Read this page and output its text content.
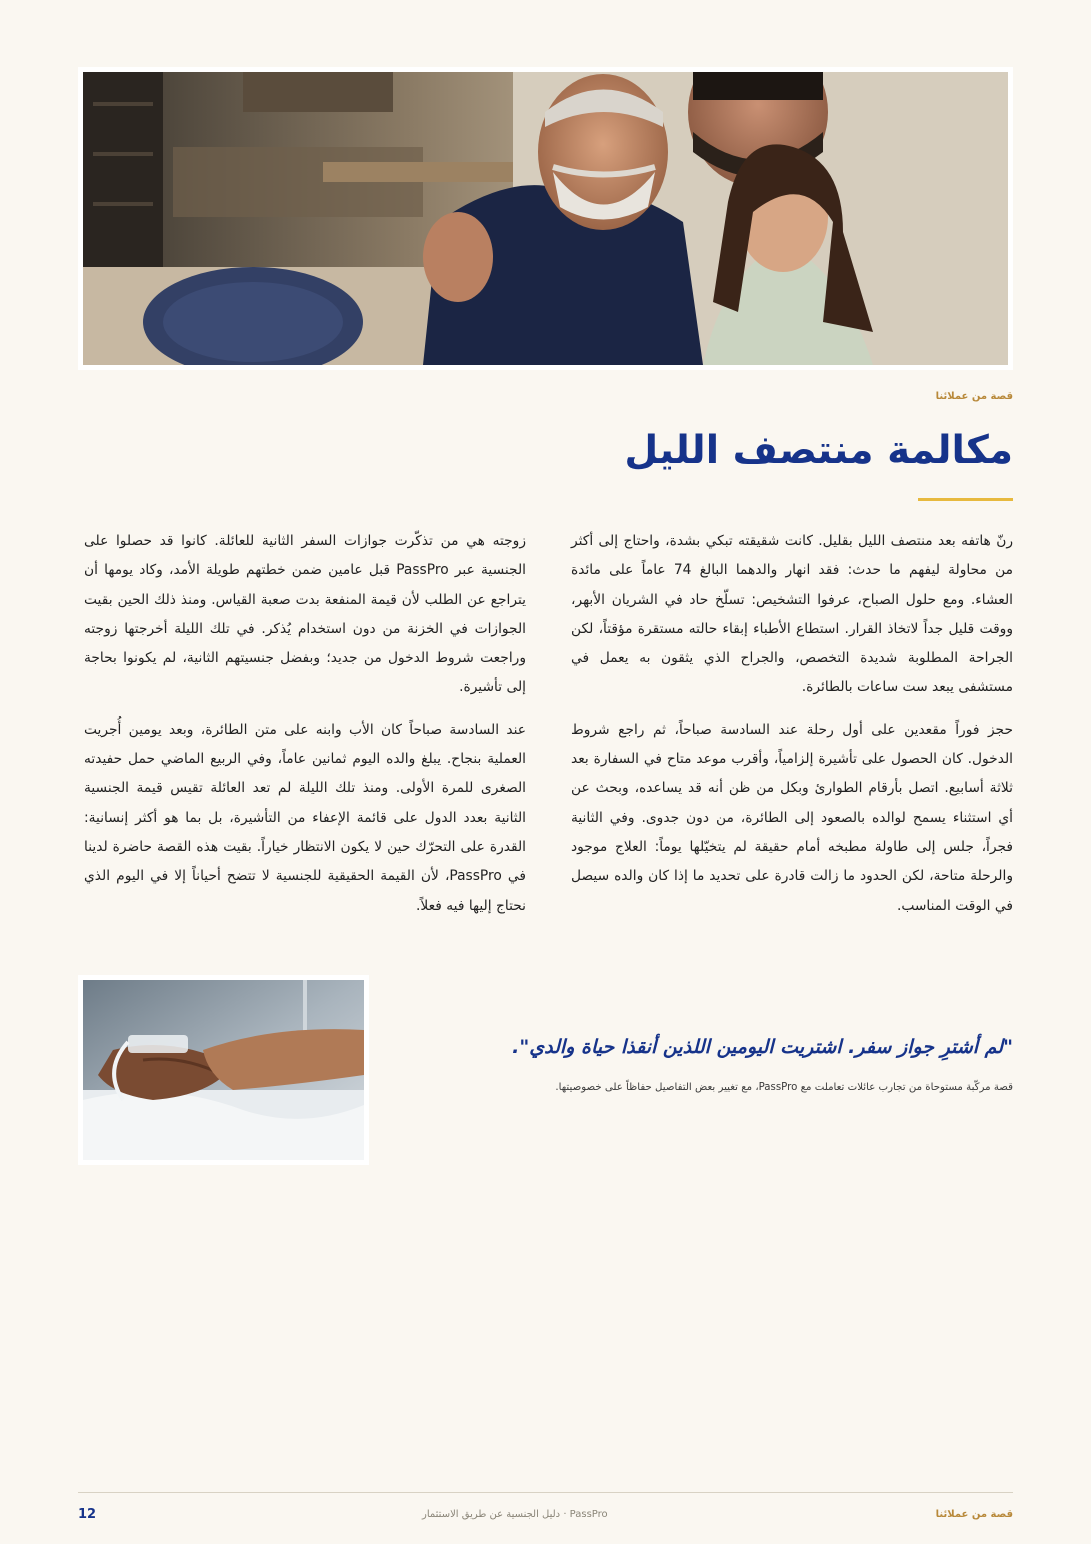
قصة من عملائنا
مكالمة منتصف الليل

رنّ هاتفه بعد منتصف الليل بقليل. كانت شقيقته تبكي بشدة، واحتاج إلى أكثر من محاولة ليفهم ما حدث: فقد انهار والدهما البالغ 74 عاماً على مائدة العشاء. ومع حلول الصباح، عرفوا التشخيص: تسلّخ حاد في الشريان الأبهر، ووقت قليل جداً لاتخاذ القرار. استطاع الأطباء إبقاء حالته مستقرة مؤقتاً، لكن الجراحة المطلوبة شديدة التخصص، والجراح الذي يثقون به يعمل في مستشفى يبعد ست ساعات بالطائرة.

حجز فوراً مقعدين على أول رحلة عند السادسة صباحاً، ثم راجع شروط الدخول. كان الحصول على تأشيرة إلزامياً، وأقرب موعد متاح في السفارة بعد ثلاثة أسابيع. اتصل بأرقام الطوارئ وبكل من ظن أنه قد يساعده، وبحث عن أي استثناء يسمح لوالده بالصعود إلى الطائرة، من دون جدوى. وفي الثانية فجراً، جلس إلى طاولة مطبخه أمام حقيقة لم يتخيّلها يوماً: العلاج موجود والرحلة متاحة، لكن الحدود ما زالت قادرة على تحديد ما إذا كان والده سيصل في الوقت المناسب.

زوجته هي من تذكّرت جوازات السفر الثانية للعائلة. كانوا قد حصلوا على الجنسية عبر PassPro قبل عامين ضمن خطتهم طويلة الأمد، وكاد يومها أن يتراجع عن الطلب لأن قيمة المنفعة بدت صعبة القياس. ومنذ ذلك الحين بقيت الجوازات في الخزنة من دون استخدام يُذكر. في تلك الليلة أخرجتها زوجته وراجعت شروط الدخول من جديد؛ وبفضل جنسيتهم الثانية، لم يكونوا بحاجة إلى تأشيرة.

عند السادسة صباحاً كان الأب وابنه على متن الطائرة، وبعد يومين أُجريت العملية بنجاح. يبلغ والده اليوم ثمانين عاماً، وفي الربيع الماضي حمل حفيدته الصغرى للمرة الأولى. ومنذ تلك الليلة لم تعد العائلة تقيس قيمة الجنسية الثانية بعدد الدول على قائمة الإعفاء من التأشيرة، بل بما هو أكثر إنسانية: القدرة على التحرّك حين لا يكون الانتظار خياراً. بقيت هذه القصة حاضرة لدينا في PassPro، لأن القيمة الحقيقية للجنسية لا تتضح أحياناً إلا في اليوم الذي نحتاج إليها فيه فعلاً.

"لم أشترِ جواز سفر. اشتريت اليومين اللذين أنقذا حياة والدي".

قصة مركّبة مستوحاة من تجارب عائلات تعاملت مع PassPro، مع تغيير بعض التفاصيل حفاظاً على خصوصيتها.
قصة من عملائنا
PassPro · دليل الجنسية عن طريق الاستثمار
12
